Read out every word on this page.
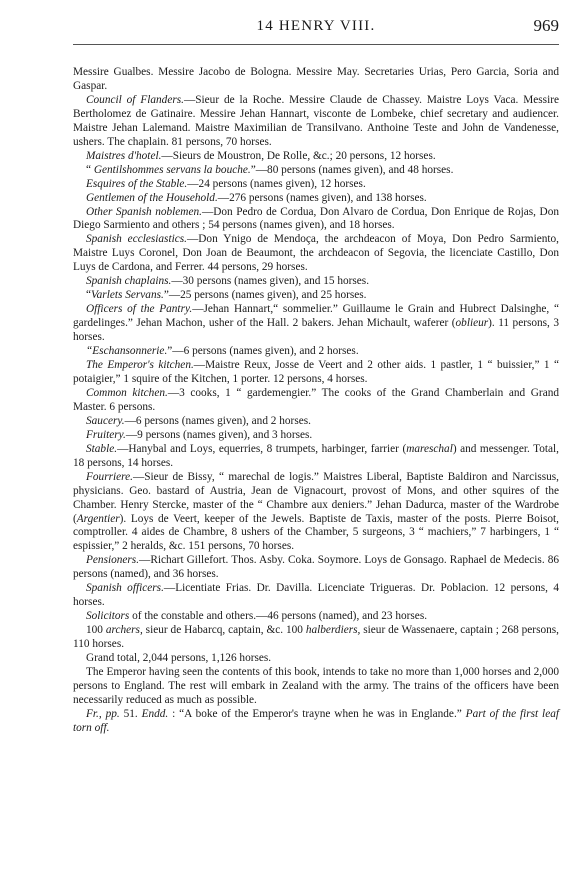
14 HENRY VIII.	969

Messire Gualbes. Messire Jacobo de Bologna. Messire May. Secretaries Urias, Pero Garcia, Soria and Gaspar.

Council of Flanders.—Sieur de la Roche. Messire Claude de Chassey. Maistre Loys Vaca. Messire Bertholomez de Gatinaire. Messire Jehan Hannart, visconte de Lombeke, chief secretary and audiencer. Maistre Jehan Lalemand. Maistre Maximilian de Transilvano. Anthoine Teste and John de Vandenesse, ushers. The chaplain. 81 persons, 70 horses.

Maistres d'hotel.—Sieurs de Moustron, De Rolle, &c.; 20 persons, 12 horses.

“ Gentilshommes servans la bouche.”—80 persons (names given), and 48 horses.

Esquires of the Stable.—24 persons (names given), 12 horses.

Gentlemen of the Household.—276 persons (names given), and 138 horses.

Other Spanish noblemen.—Don Pedro de Cordua, Don Alvaro de Cordua, Don Enrique de Rojas, Don Diego Sarmiento and others ; 54 persons (names given), and 18 horses.

Spanish ecclesiastics.—Don Ynigo de Mendoça, the archdeacon of Moya, Don Pedro Sarmiento, Maistre Luys Coronel, Don Joan de Beaumont, the archdeacon of Segovia, the licenciate Castillo, Don Luys de Cardona, and Ferrer. 44 persons, 29 horses.

Spanish chaplains.—30 persons (names given), and 15 horses.

“Varlets Servans.”—25 persons (names given), and 25 horses.

Officers of the Pantry.—Jehan Hannart,“ sommelier.” Guillaume le Grain and Hubrect Dalsinghe, “ gardelinges.” Jehan Machon, usher of the Hall. 2 bakers. Jehan Michault, waferer (oblieur). 11 persons, 3 horses.

“Eschansonnerie.”—6 persons (names given), and 2 horses.

The Emperor's kitchen.—Maistre Reux, Josse de Veert and 2 other aids. 1 pastler, 1 “ buissier,” 1 “ potaigier,” 1 squire of the Kitchen, 1 porter. 12 persons, 4 horses.

Common kitchen.—3 cooks, 1 “ gardemengier.” The cooks of the Grand Chamberlain and Grand Master. 6 persons.

Saucery.—6 persons (names given), and 2 horses.

Fruitery.—9 persons (names given), and 3 horses.

Stable.—Hanybal and Loys, equerries, 8 trumpets, harbinger, farrier (mareschal) and messenger. Total, 18 persons, 14 horses.

Fourriere.—Sieur de Bissy, “ marechal de logis.” Maistres Liberal, Baptiste Baldiron and Narcissus, physicians. Geo. bastard of Austria, Jean de Vignacourt, provost of Mons, and other squires of the Chamber. Henry Stercke, master of the “ Chambre aux deniers.” Jehan Dadurca, master of the Wardrobe (Argentier). Loys de Veert, keeper of the Jewels. Baptiste de Taxis, master of the posts. Pierre Boisot, comptroller. 4 aides de Chambre, 8 ushers of the Chamber, 5 surgeons, 3 “ machiers,” 7 harbingers, 1 “ espissier,” 2 heralds, &c. 151 persons, 70 horses.

Pensioners.—Richart Gillefort. Thos. Asby. Coka. Soymore. Loys de Gonsago. Raphael de Medecis. 86 persons (named), and 36 horses.

Spanish officers.—Licentiate Frias. Dr. Davilla. Licenciate Trigueras. Dr. Poblacion. 12 persons, 4 horses.

Solicitors of the constable and others.—46 persons (named), and 23 horses.

100 archers, sieur de Habarcq, captain, &c. 100 halberdiers, sieur de Wassenaere, captain ; 268 persons, 110 horses.

Grand total, 2,044 persons, 1,126 horses.

The Emperor having seen the contents of this book, intends to take no more than 1,000 horses and 2,000 persons to England. The rest will embark in Zealand with the army. The trains of the officers have been necessarily reduced as much as possible.

Fr., pp. 51. Endd. : “A boke of the Emperor's trayne when he was in Englande.” Part of the first leaf torn off.
